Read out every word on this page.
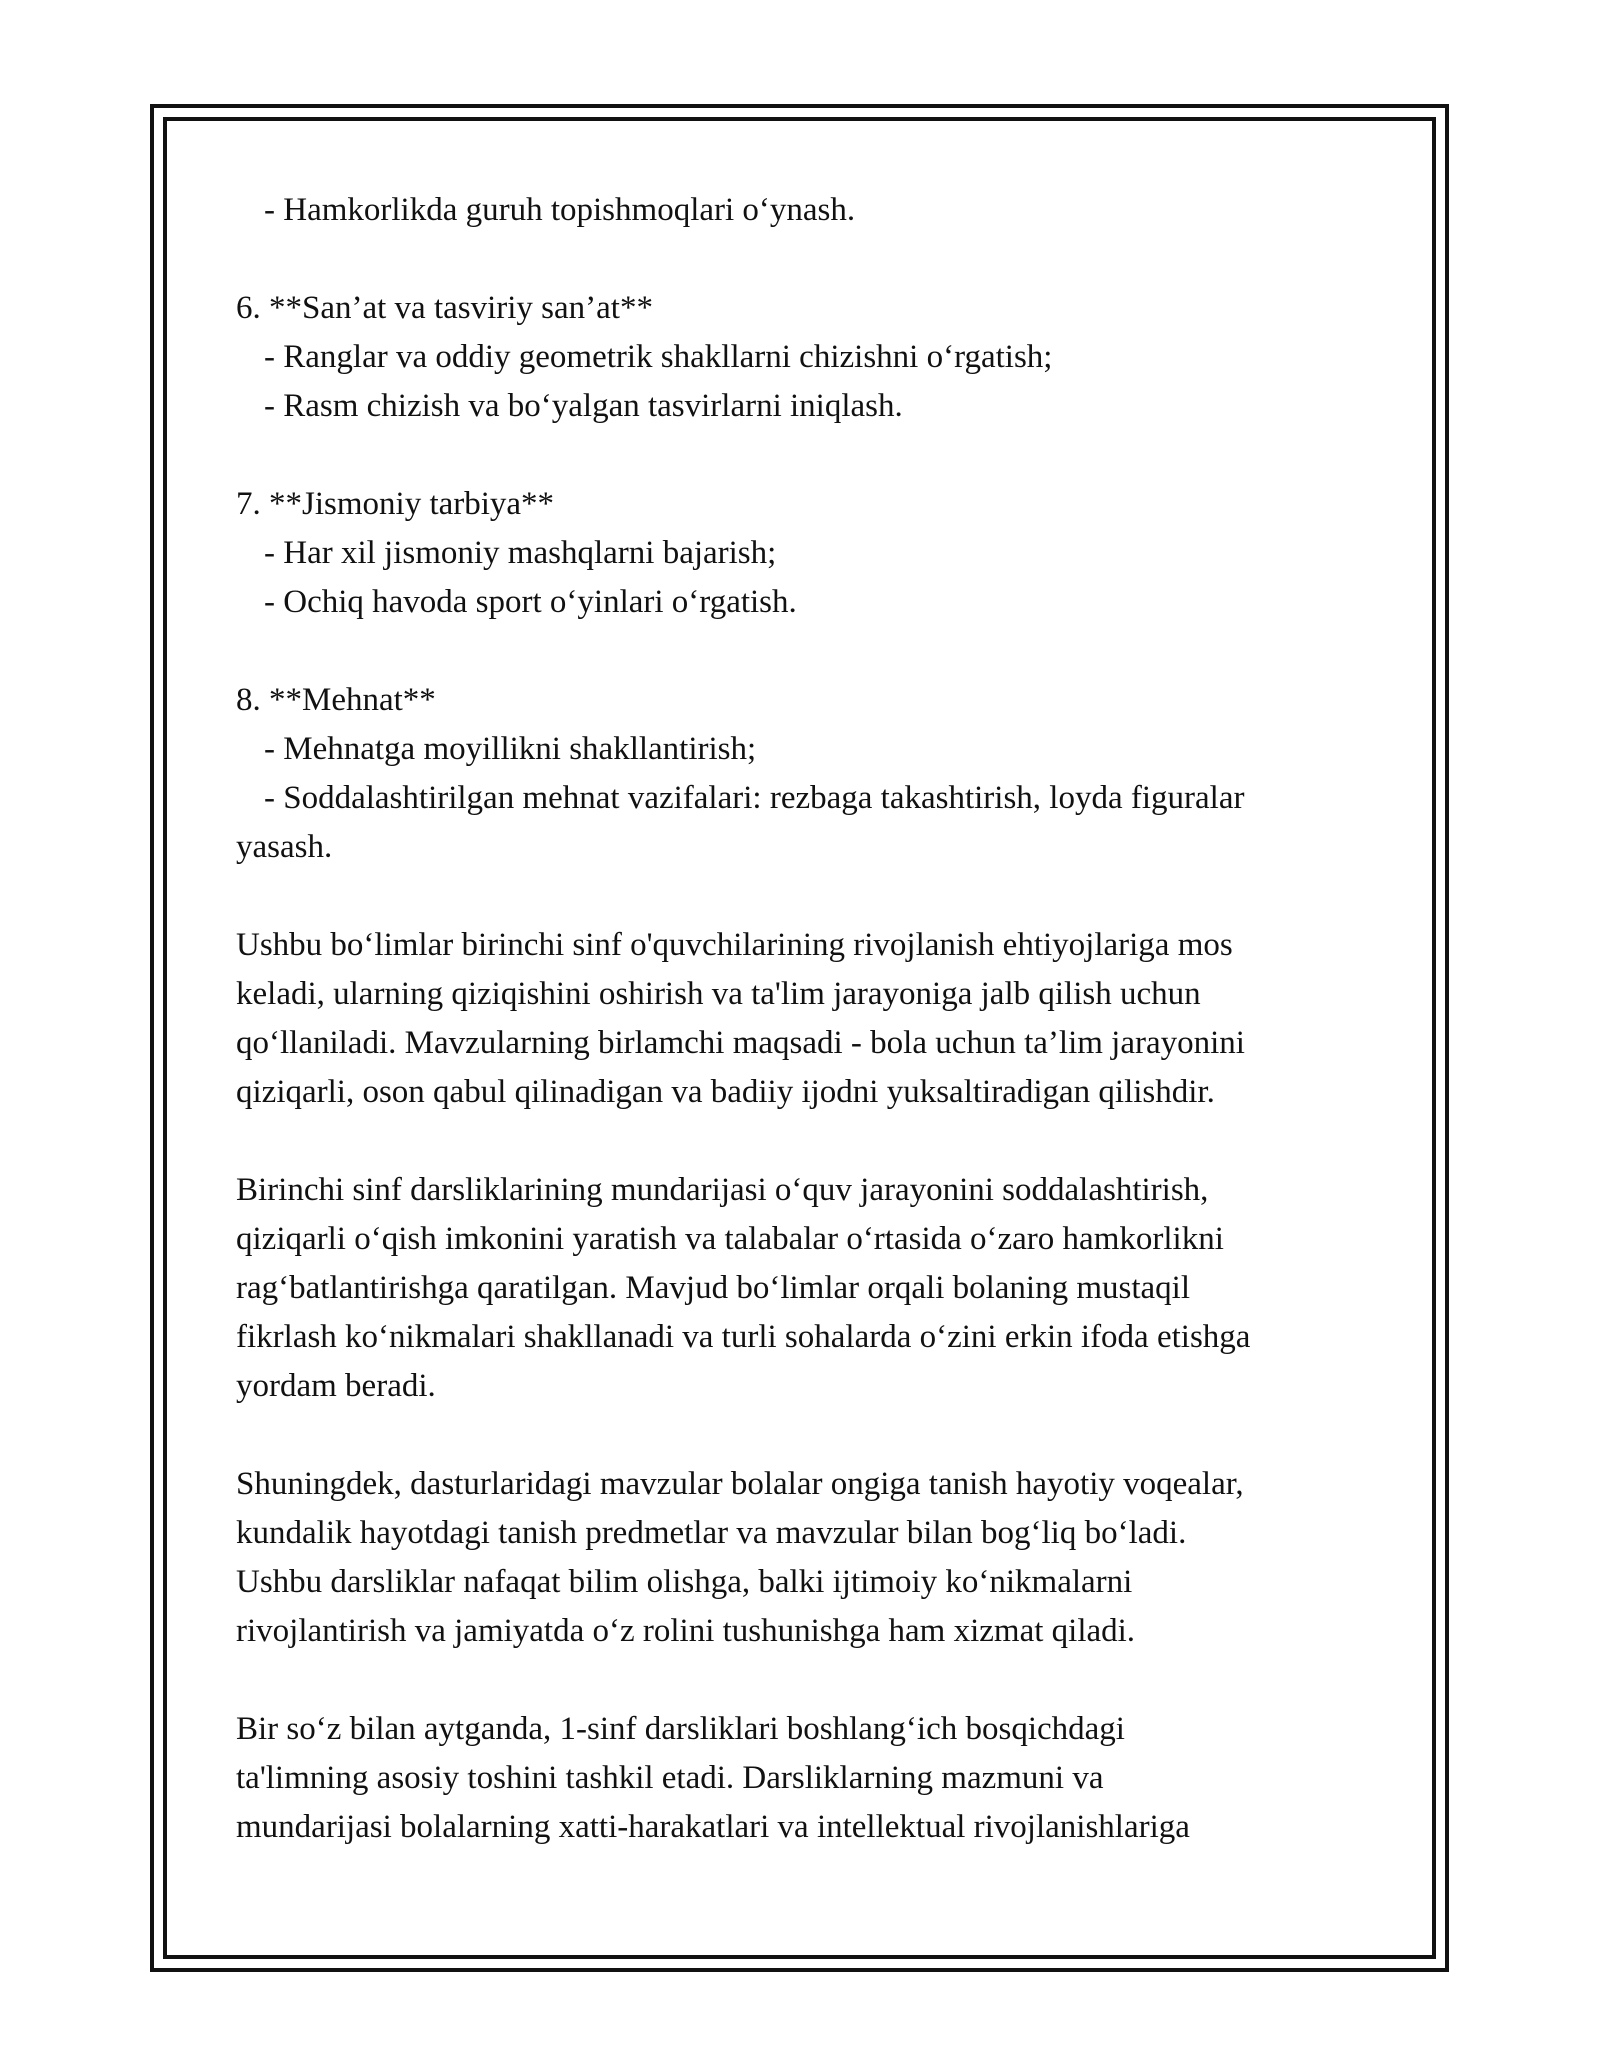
- Hamkorlikda guruh topishmoqlari o‘ynash.
6. **San’at va tasviriy san’at**
- Ranglar va oddiy geometrik shakllarni chizishni o‘rgatish;
- Rasm chizish va bo‘yalgan tasvirlarni iniqlash.
7. **Jismoniy tarbiya**
- Har xil jismoniy mashqlarni bajarish;
- Ochiq havoda sport o‘yinlari o‘rgatish.
8. **Mehnat**
- Mehnatga moyillikni shakllantirish;
- Soddalashtirilgan mehnat vazifalari: rezbaga takashtirish, loyda figuralar
yasash.
Ushbu bo‘limlar birinchi sinf o'quvchilarining rivojlanish ehtiyojlariga mos
keladi, ularning qiziqishini oshirish va ta'lim jarayoniga jalb qilish uchun
qo‘llaniladi. Mavzularning birlamchi maqsadi - bola uchun ta’lim jarayonini
qiziqarli, oson qabul qilinadigan va badiiy ijodni yuksaltiradigan qilishdir.
Birinchi sinf darsliklarining mundarijasi o‘quv jarayonini soddalashtirish,
qiziqarli o‘qish imkonini yaratish va talabalar o‘rtasida o‘zaro hamkorlikni
rag‘batlantirishga qaratilgan. Mavjud bo‘limlar orqali bolaning mustaqil
fikrlash ko‘nikmalari shakllanadi va turli sohalarda o‘zini erkin ifoda etishga
yordam beradi.
Shuningdek, dasturlaridagi mavzular bolalar ongiga tanish hayotiy voqealar,
kundalik hayotdagi tanish predmetlar va mavzular bilan bog‘liq bo‘ladi.
Ushbu darsliklar nafaqat bilim olishga, balki ijtimoiy ko‘nikmalarni
rivojlantirish va jamiyatda o‘z rolini tushunishga ham xizmat qiladi.
Bir so‘z bilan aytganda, 1-sinf darsliklari boshlang‘ich bosqichdagi
ta'limning asosiy toshini tashkil etadi. Darsliklarning mazmuni va
mundarijasi bolalarning xatti-harakatlari va intellektual rivojlanishlariga
